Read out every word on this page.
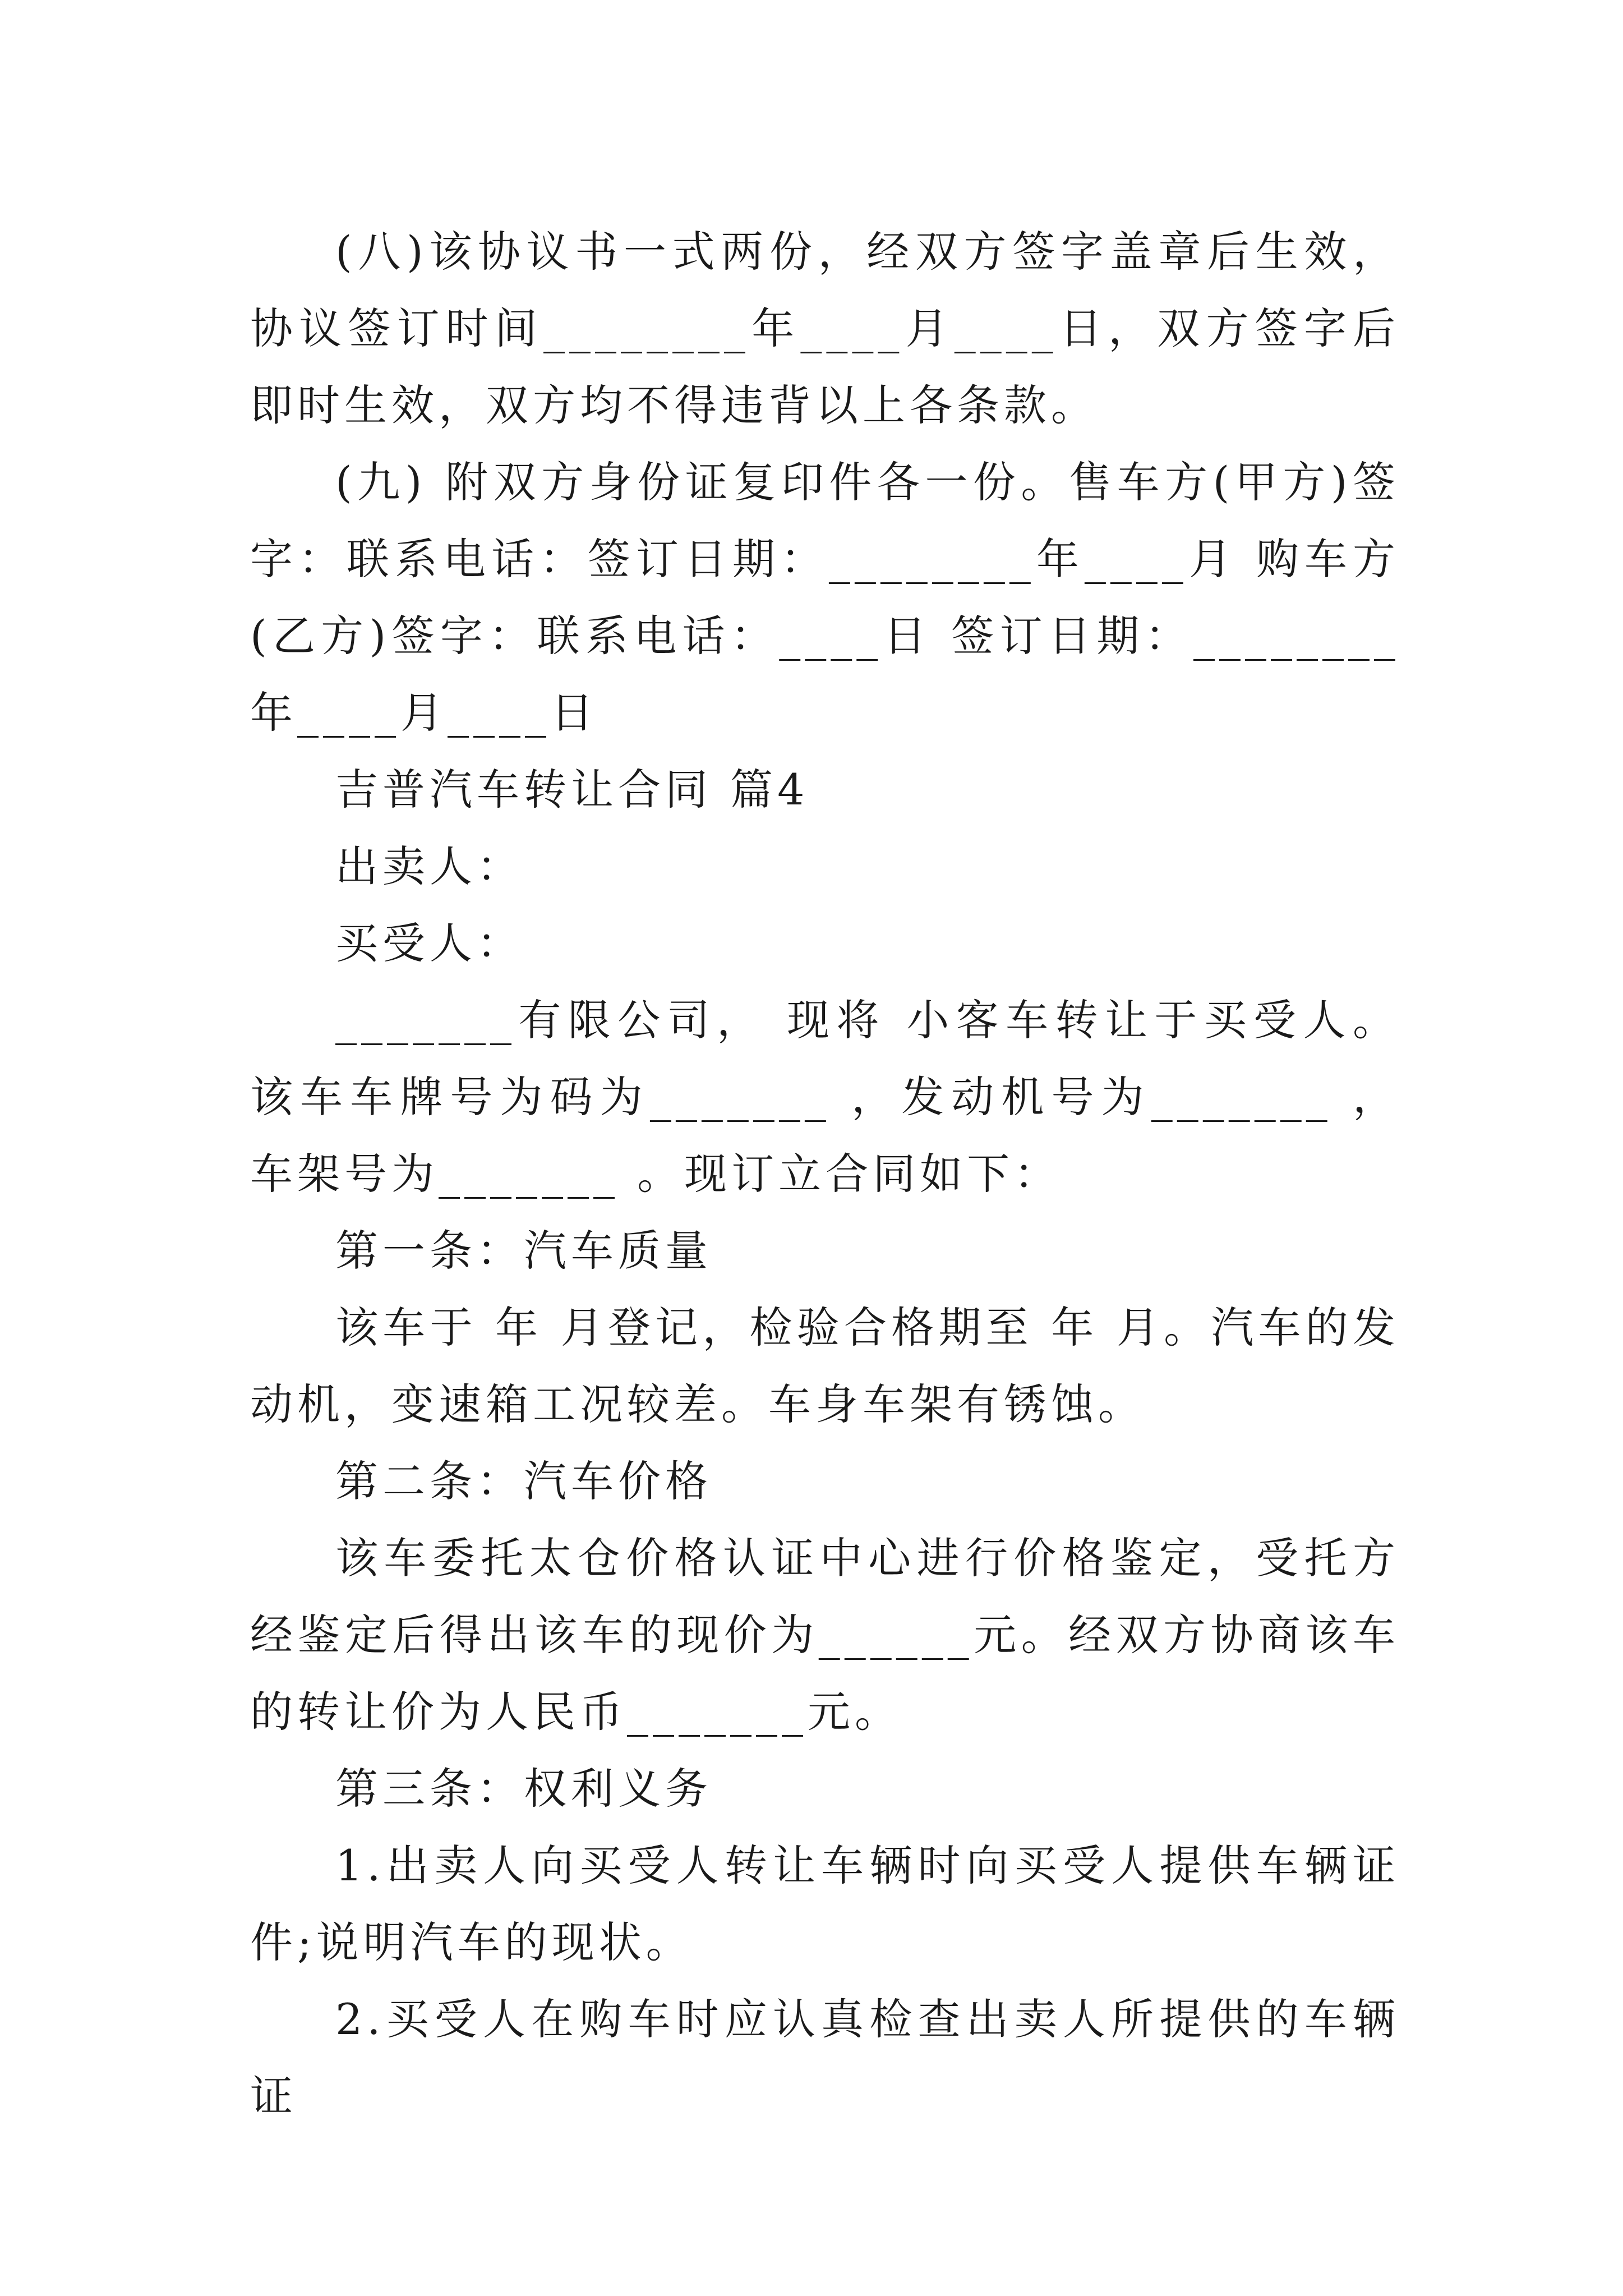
(八)该协议书一式两份，经双方签字盖章后生效，协议签订时间________年____月____日，双方签字后即时生效，双方均不得违背以上各条款。

(九) 附双方身份证复印件各一份。售车方(甲方)签字：联系电话：签订日期：________年____月 购车方(乙方)签字：联系电话：____日 签订日期：________年____月____日

吉普汽车转让合同 篇4

出卖人：

买受人：

_______有限公司， 现将 小客车转让于买受人。该车车牌号为码为_______ ，发动机号为_______ ，车架号为_______ 。现订立合同如下：

第一条：汽车质量

该车于 年 月登记，检验合格期至 年 月。汽车的发动机，变速箱工况较差。车身车架有锈蚀。

第二条：汽车价格

该车委托太仓价格认证中心进行价格鉴定，受托方经鉴定后得出该车的现价为______元。经双方协商该车的转让价为人民币_______元。

第三条：权利义务

1.出卖人向买受人转让车辆时向买受人提供车辆证件;说明汽车的现状。

2.买受人在购车时应认真检查出卖人所提供的车辆证
